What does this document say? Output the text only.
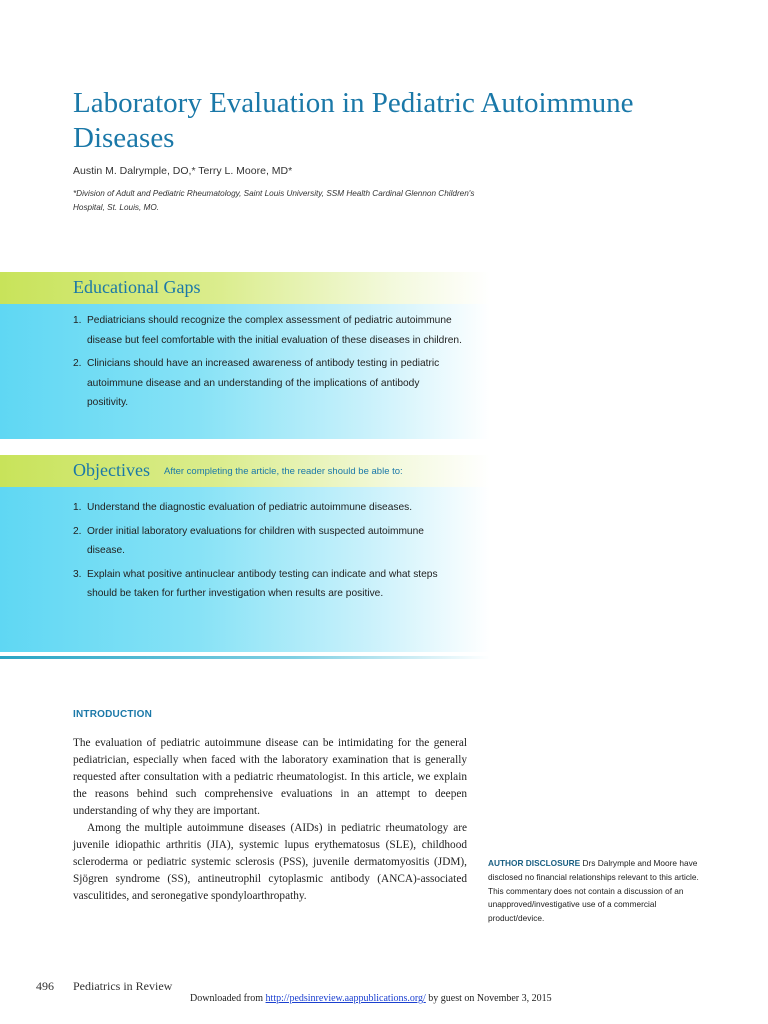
Laboratory Evaluation in Pediatric Autoimmune Diseases
Austin M. Dalrymple, DO,* Terry L. Moore, MD*
*Division of Adult and Pediatric Rheumatology, Saint Louis University, SSM Health Cardinal Glennon Children's Hospital, St. Louis, MO.
Educational Gaps
1. Pediatricians should recognize the complex assessment of pediatric autoimmune disease but feel comfortable with the initial evaluation of these diseases in children.
2. Clinicians should have an increased awareness of antibody testing in pediatric autoimmune disease and an understanding of the implications of antibody positivity.
Objectives $^{After completing the article, the reader should be able to:}$
1. Understand the diagnostic evaluation of pediatric autoimmune diseases.
2. Order initial laboratory evaluations for children with suspected autoimmune disease.
3. Explain what positive antinuclear antibody testing can indicate and what steps should be taken for further investigation when results are positive.
INTRODUCTION

The evaluation of pediatric autoimmune disease can be intimidating for the general pediatrician, especially when faced with the laboratory examination that is generally requested after consultation with a pediatric rheumatologist. In this article, we explain the reasons behind such comprehensive evaluations in an attempt to deepen understanding of why they are important.

Among the multiple autoimmune diseases (AIDs) in pediatric rheumatology are juvenile idiopathic arthritis (JIA), systemic lupus erythematosus (SLE), childhood scleroderma or pediatric systemic sclerosis (PSS), juvenile dermatomyositis (JDM), Sjögren syndrome (SS), antineutrophil cytoplasmic antibody (ANCA)-associated vasculitides, and seronegative spondyloarthropathy.

AUTHOR DISCLOSURE Drs Dalrymple and Moore have disclosed no financial relationships relevant to this article. This commentary does not contain a discussion of an unapproved/investigative use of a commercial product/device.
496 Pediatrics in Review
Downloaded from http://pedsinreview.aappublications.org/ by guest on November 3, 2015
